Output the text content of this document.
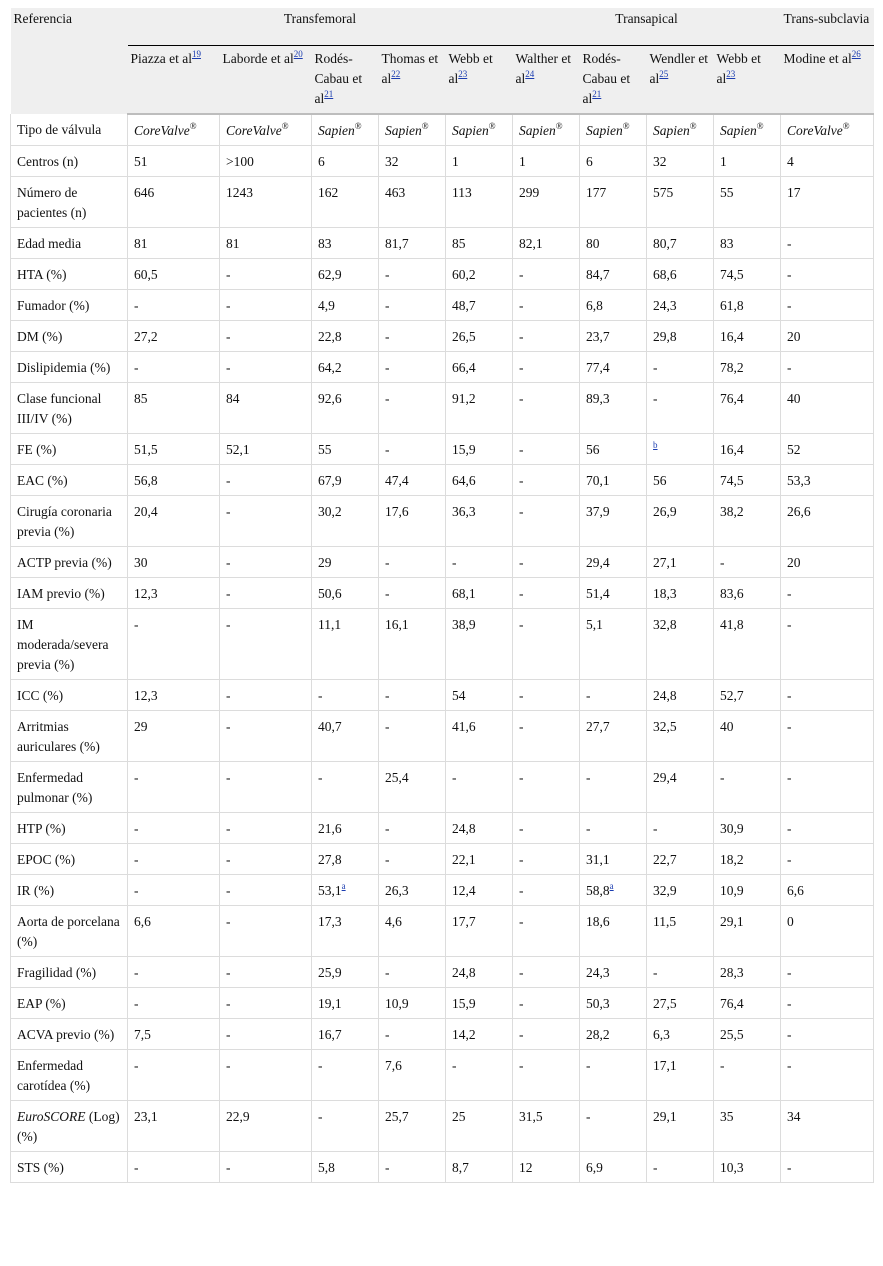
Referencia	Transfemoral					Transapical				Trans-subclavia
	Piazza et al$^{19}$	Laborde et al$^{20}$	Rodés-Cabau et al$^{21}$	Thomas et al$^{22}$	Webb et al$^{23}$	Walther et al$^{24}$	Rodés-Cabau et al$^{21}$	Wendler et al$^{25}$	Webb et al$^{23}$	Modine et al$^{26}$
Tipo de válvula	CoreValve®	CoreValve®	Sapien®	Sapien®	Sapien®	Sapien®	Sapien®	Sapien®	Sapien®	CoreValve®
Centros (n)	51	>100	6	32	1	1	6	32	1	4
Número de pacientes (n)	646	1243	162	463	113	299	177	575	55	17
Edad media	81	81	83	81,7	85	82,1	80	80,7	83	-
HTA (%)	60,5	-	62,9	-	60,2	-	84,7	68,6	74,5	-
Fumador (%)	-	-	4,9	-	48,7	-	6,8	24,3	61,8	-
DM (%)	27,2	-	22,8	-	26,5	-	23,7	29,8	16,4	20
Dislipidemia (%)	-	-	64,2	-	66,4	-	77,4	-	78,2	-
Clase funcional III/IV (%)	85	84	92,6	-	91,2	-	89,3	-	76,4	40
FE (%)	51,5	52,1	55	-	15,9	-	56	$^b$	16,4	52
EAC (%)	56,8	-	67,9	47,4	64,6	-	70,1	56	74,5	53,3
Cirugía coronaria previa (%)	20,4	-	30,2	17,6	36,3	-	37,9	26,9	38,2	26,6
ACTP previa (%)	30	-	29	-	-	-	29,4	27,1	-	20
IAM previo (%)	12,3	-	50,6	-	68,1	-	51,4	18,3	83,6	-
IM moderada/severa previa (%)	-	-	11,1	16,1	38,9	-	5,1	32,8	41,8	-
ICC (%)	12,3	-	-	-	54	-	-	24,8	52,7	-
Arritmias auriculares (%)	29	-	40,7	-	41,6	-	27,7	32,5	40	-
Enfermedad pulmonar (%)	-	-	-	25,4	-	-	-	29,4	-	-
HTP (%)	-	-	21,6	-	24,8	-	-	-	30,9	-
EPOC (%)	-	-	27,8	-	22,1	-	31,1	22,7	18,2	-
IR (%)	-	-	53,1$^a$	26,3	12,4	-	58,8$^a$	32,9	10,9	6,6
Aorta de porcelana (%)	6,6	-	17,3	4,6	17,7	-	18,6	11,5	29,1	0
Fragilidad (%)	-	-	25,9	-	24,8	-	24,3	-	28,3	-
EAP (%)	-	-	19,1	10,9	15,9	-	50,3	27,5	76,4	-
ACVA previo (%)	7,5	-	16,7	-	14,2	-	28,2	6,3	25,5	-
Enfermedad carotídea (%)	-	-	-	7,6	-	-	-	17,1	-	-
EuroSCORE (Log) (%)	23,1	22,9	-	25,7	25	31,5	-	29,1	35	34
STS (%)	-	-	5,8	-	8,7	12	6,9	-	10,3	-
